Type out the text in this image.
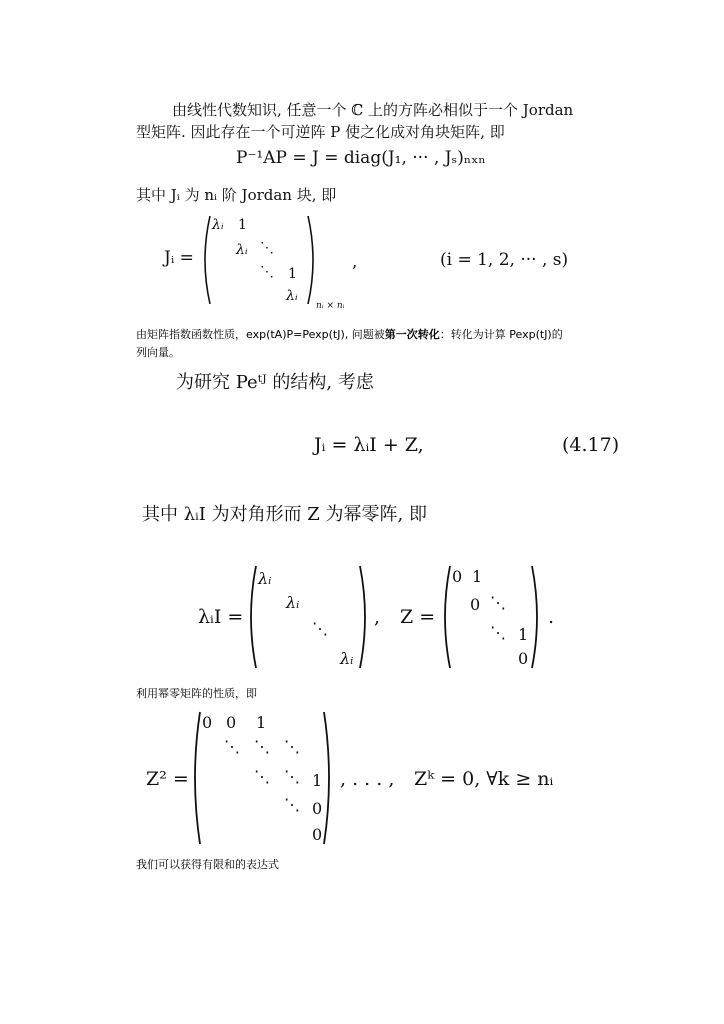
由线性代数知识, 任意一个 ℂ 上的方阵必相似于一个 Jordan
型矩阵. 因此存在一个可逆阵 P 使之化成对角块矩阵, 即
P⁻¹AP = J = diag(J₁, ··· , Jₛ)ₙₓₙ
其中 Jᵢ 为 nᵢ 阶 Jordan 块, 即
Jᵢ =
λᵢ 1
λᵢ ⋱
⋱ 1
λᵢ
nᵢ × nᵢ
,	(i = 1, 2, ··· , s)
由矩阵指数函数性质，exp(tA)P=Pexp(tJ), 问题被第一次转化：转化为计算 Pexp(tJ)的
列向量。
为研究 Peᵗᴶ 的结构, 考虑
Jᵢ = λᵢI + Z,	(4.17)
其中 λᵢI 为对角形而 Z 为幂零阵, 即
λᵢI =
λᵢ
λᵢ
⋱
λᵢ
, Z =
0 1
0 ⋱
⋱ 1
0
.
利用幂零矩阵的性质，即
Z² =
0 0 1
⋱ ⋱ ⋱
⋱ ⋱ 1
⋱ 0
0
, . . . , Zᵏ = 0, ∀k ≥ nᵢ
我们可以获得有限和的表达式
